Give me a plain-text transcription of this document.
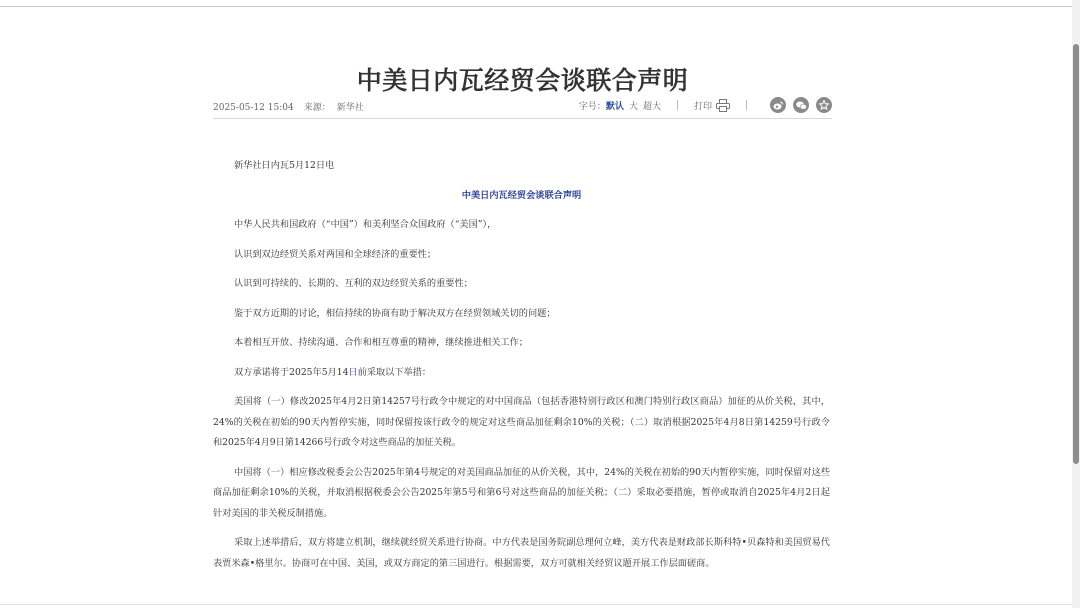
中美日内瓦经贸会谈联合声明
2025-05-12 15:04 来源： 新华社	字号： 默认 大 超大	打印

新华社日内瓦5月12日电

中美日内瓦经贸会谈联合声明

中华人民共和国政府（“中国”）和美利坚合众国政府（“美国”），

认识到双边经贸关系对两国和全球经济的重要性；

认识到可持续的、长期的、互利的双边经贸关系的重要性；

鉴于双方近期的讨论，相信持续的协商有助于解决双方在经贸领域关切的问题；

本着相互开放、持续沟通、合作和相互尊重的精神，继续推进相关工作；

双方承诺将于2025年5月14日前采取以下举措：

美国将（一）修改2025年4月2日第14257号行政令中规定的对中国商品（包括香港特别行政区和澳门特别行政区商品）加征的从价关税，其中，24%的关税在初始的90天内暂停实施，同时保留按该行政令的规定对这些商品加征剩余10%的关税；（二）取消根据2025年4月8日第14259号行政令和2025年4月9日第14266号行政令对这些商品的加征关税。

中国将（一）相应修改税委会公告2025年第4号规定的对美国商品加征的从价关税，其中，24%的关税在初始的90天内暂停实施，同时保留对这些商品加征剩余10%的关税，并取消根据税委会公告2025年第5号和第6号对这些商品的加征关税；（二）采取必要措施，暂停或取消自2025年4月2日起针对美国的非关税反制措施。

采取上述举措后，双方将建立机制，继续就经贸关系进行协商。中方代表是国务院副总理何立峰，美方代表是财政部长斯科特•贝森特和美国贸易代表贾米森•格里尔。协商可在中国、美国，或双方商定的第三国进行。根据需要，双方可就相关经贸议题开展工作层面磋商。
